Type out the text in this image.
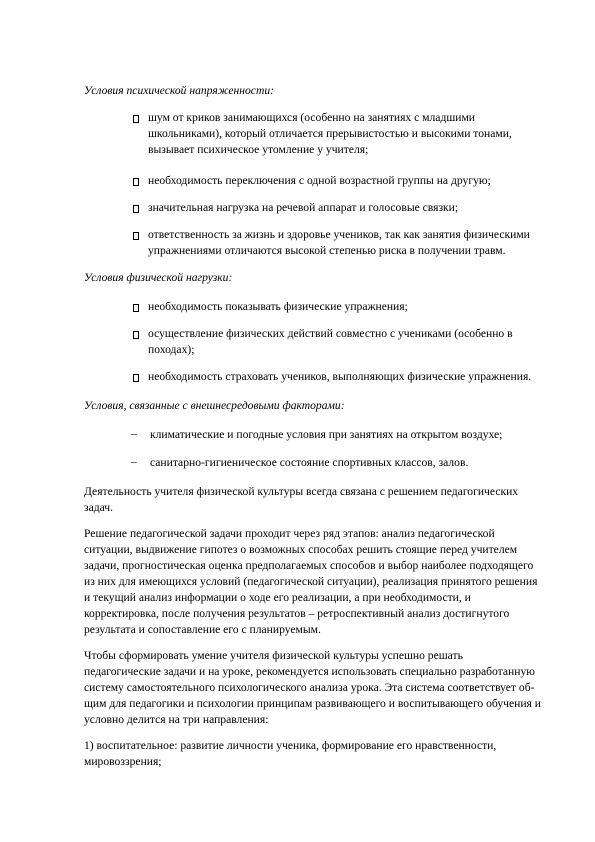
Условия психической напряженности:
шум от криков занимающихся (особенно на занятиях с младшими
школьниками), который отличается прерывистостью и высокими тонами,
вызывает психическое утомление у учителя;
необходимость переключения с одной возрастной группы на другую;
значительная нагрузка на речевой аппарат и голосовые связки;
ответственность за жизнь и здоровье учеников, так как занятия физическими
упражнениями отличаются высокой степенью риска в получении травм.
Условия физической нагрузки:
необходимость показывать физические упражнения;
осуществление физических действий совместно с учениками (особенно в
походах);
необходимость страховать учеников, выполняющих физические упражнения.
Условия, связанные с внешнесредовыми факторами:
– климатические и погодные условия при занятиях на открытом воздухе;
– санитарно-гигиеническое состояние спортивных классов, залов.
Деятельность учителя физической культуры всегда связана с решением педагогических
задач.
Решение педагогической задачи проходит через ряд этапов: анализ педагогической
ситуации, выдвижение гипотез о возможных способах решить стоящие перед учителем
задачи, прогностическая оценка предполагаемых способов и выбор наиболее подходящего
из них для имеющихся условий (педагогической ситуации), реализация принятого решения
и текущий анализ информации о ходе его реализации, а при необходимости, и
корректировка, после получения результатов – ретроспективный анализ достигнутого
результата и сопоставление его с планируемым.
Чтобы сформировать умение учителя физической культуры успешно решать
педагогические задачи и на уроке, рекомендуется использовать специально разработанную
систему самостоятельного психологического анализа урока. Эта система соответствует об-
щим для педагогики и психологии принципам развивающего и воспитывающего обучения и
условно делится на три направления:
1) воспитательное: развитие личности ученика, формирование его нравственности,
мировоззрения;
